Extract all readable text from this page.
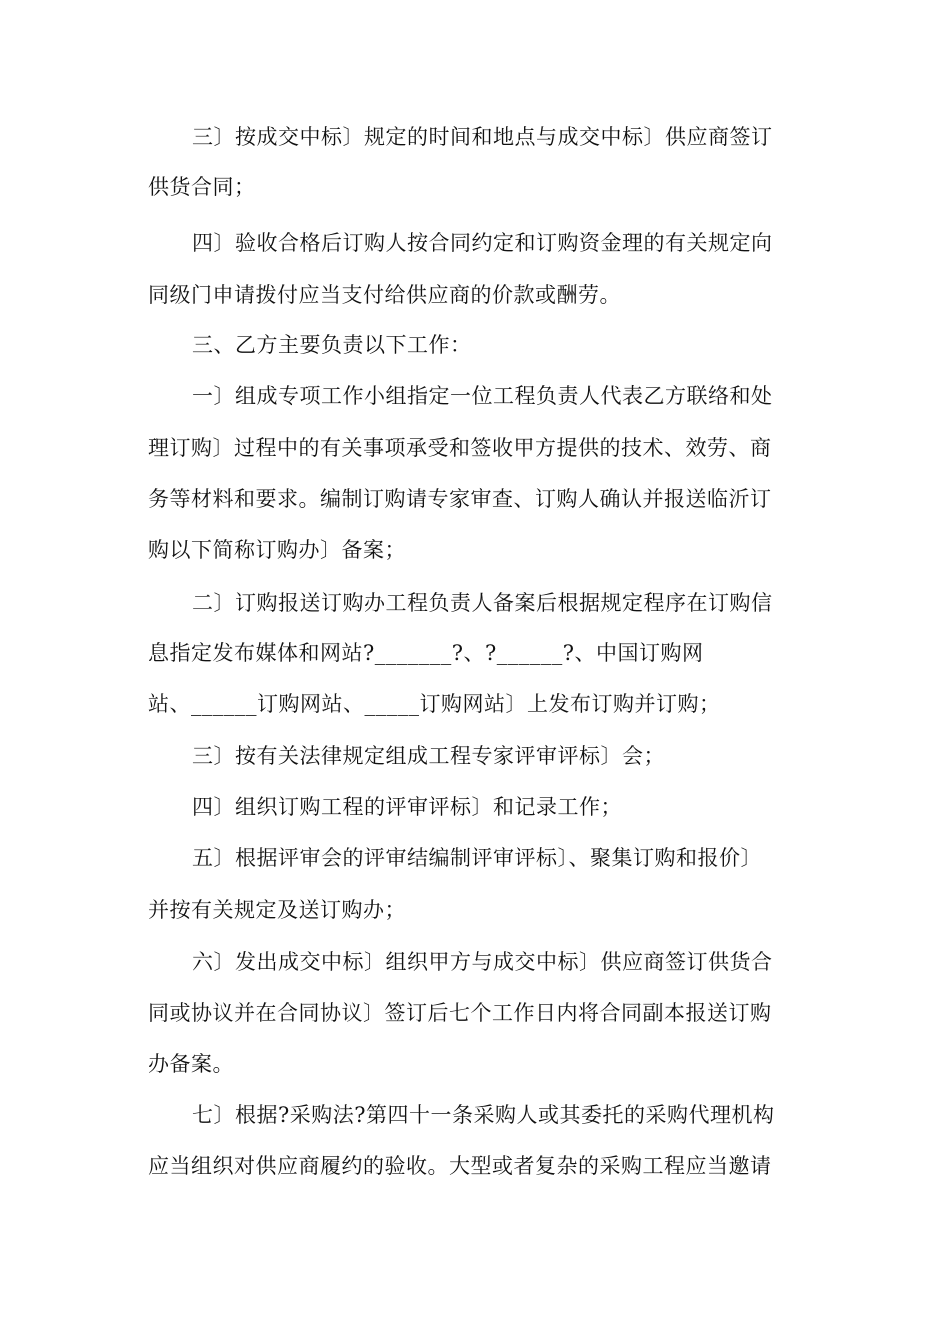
三〕按成交中标〕规定的时间和地点与成交中标〕供应商签订

供货合同；

四〕验收合格后订购人按合同约定和订购资金理的有关规定向

同级门申请拨付应当支付给供应商的价款或酬劳。

三、乙方主要负责以下工作：

一〕组成专项工作小组指定一位工程负责人代表乙方联络和处

理订购〕过程中的有关事项承受和签收甲方提供的技术、效劳、商

务等材料和要求。编制订购请专家审查、订购人确认并报送临沂订

购以下简称订购办〕备案；

二〕订购报送订购办工程负责人备案后根据规定程序在订购信

息指定发布媒体和网站?_______?、?______?、中国订购网

站、______订购网站、_____订购网站〕上发布订购并订购；

三〕按有关法律规定组成工程专家评审评标〕会；

四〕组织订购工程的评审评标〕和记录工作；

五〕根据评审会的评审结编制评审评标〕、聚集订购和报价〕

并按有关规定及送订购办；

六〕发出成交中标〕组织甲方与成交中标〕供应商签订供货合

同或协议并在合同协议〕签订后七个工作日内将合同副本报送订购

办备案。

七〕根据?采购法?第四十一条采购人或其委托的采购代理机构

应当组织对供应商履约的验收。大型或者复杂的采购工程应当邀请
